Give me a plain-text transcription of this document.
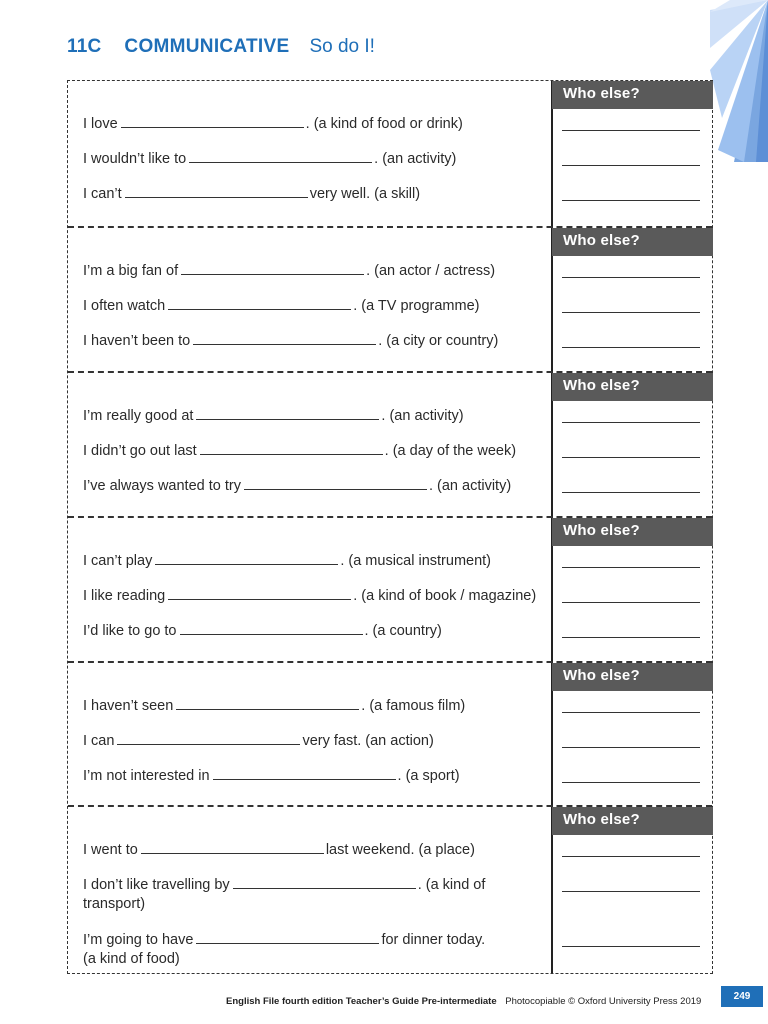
11C COMMUNICATIVE So do I!
Who else?
I love	. (a kind of food or drink)
I wouldn’t like to	. (an activity)
I can’t	very well. (a skill)
Who else?
I’m a big fan of	. (an actor / actress)
I often watch	. (a TV programme)
I haven’t been to	. (a city or country)
Who else?
I’m really good at	. (an activity)
I didn’t go out last	. (a day of the week)
I’ve always wanted to try	. (an activity)
Who else?
I can’t play	. (a musical instrument)
I like reading	. (a kind of book / magazine)
I’d like to go to	. (a country)
Who else?
I haven’t seen	. (a famous film)
I can	very fast. (an action)
I’m not interested in	. (a sport)
Who else?
I went to	last weekend. (a place)
I don’t like travelling by	. (a kind of
transport)
I’m going to have	for dinner today.
(a kind of food)
English File fourth edition Teacher’s Guide Pre-intermediate Photocopiable © Oxford University Press 2019	249
